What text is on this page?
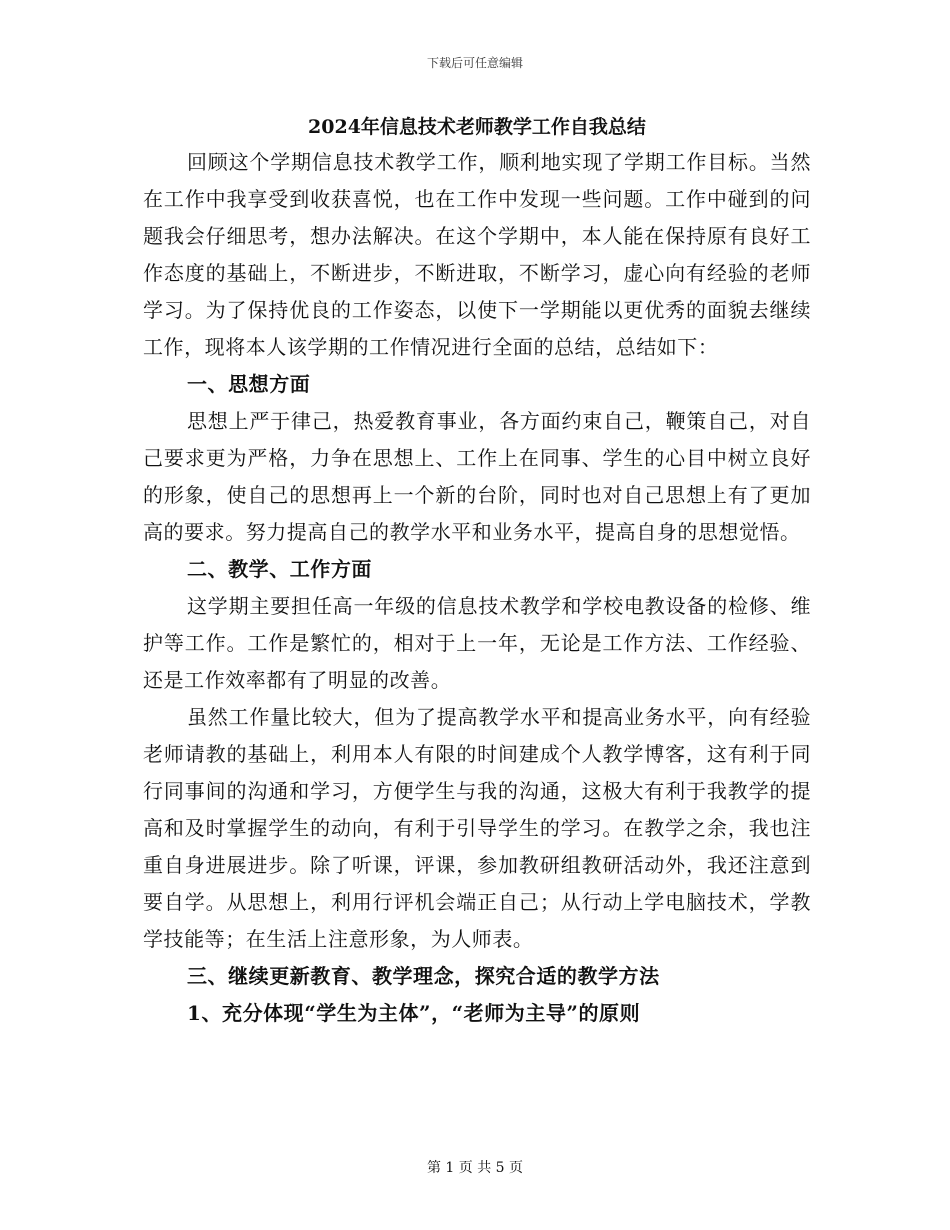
下载后可任意编辑
2024年信息技术老师教学工作自我总结

回顾这个学期信息技术教学工作，顺利地实现了学期工作目标。当然在工作中我享受到收获喜悦，也在工作中发现一些问题。工作中碰到的问题我会仔细思考，想办法解决。在这个学期中，本人能在保持原有良好工作态度的基础上，不断进步，不断进取，不断学习，虚心向有经验的老师学习。为了保持优良的工作姿态，以使下一学期能以更优秀的面貌去继续工作，现将本人该学期的工作情况进行全面的总结，总结如下：

一、思想方面

思想上严于律己，热爱教育事业，各方面约束自己，鞭策自己，对自己要求更为严格，力争在思想上、工作上在同事、学生的心目中树立良好的形象，使自己的思想再上一个新的台阶，同时也对自己思想上有了更加高的要求。努力提高自己的教学水平和业务水平，提高自身的思想觉悟。

二、教学、工作方面

这学期主要担任高一年级的信息技术教学和学校电教设备的检修、维护等工作。工作是繁忙的，相对于上一年，无论是工作方法、工作经验、还是工作效率都有了明显的改善。

虽然工作量比较大，但为了提高教学水平和提高业务水平，向有经验老师请教的基础上，利用本人有限的时间建成个人教学博客，这有利于同行同事间的沟通和学习，方便学生与我的沟通，这极大有利于我教学的提高和及时掌握学生的动向，有利于引导学生的学习。在教学之余，我也注重自身进展进步。除了听课，评课，参加教研组教研活动外，我还注意到要自学。从思想上，利用行评机会端正自己；从行动上学电脑技术，学教学技能等；在生活上注意形象，为人师表。

三、继续更新教育、教学理念，探究合适的教学方法

1、充分体现“学生为主体”，“老师为主导”的原则

第 1 页 共 5 页
